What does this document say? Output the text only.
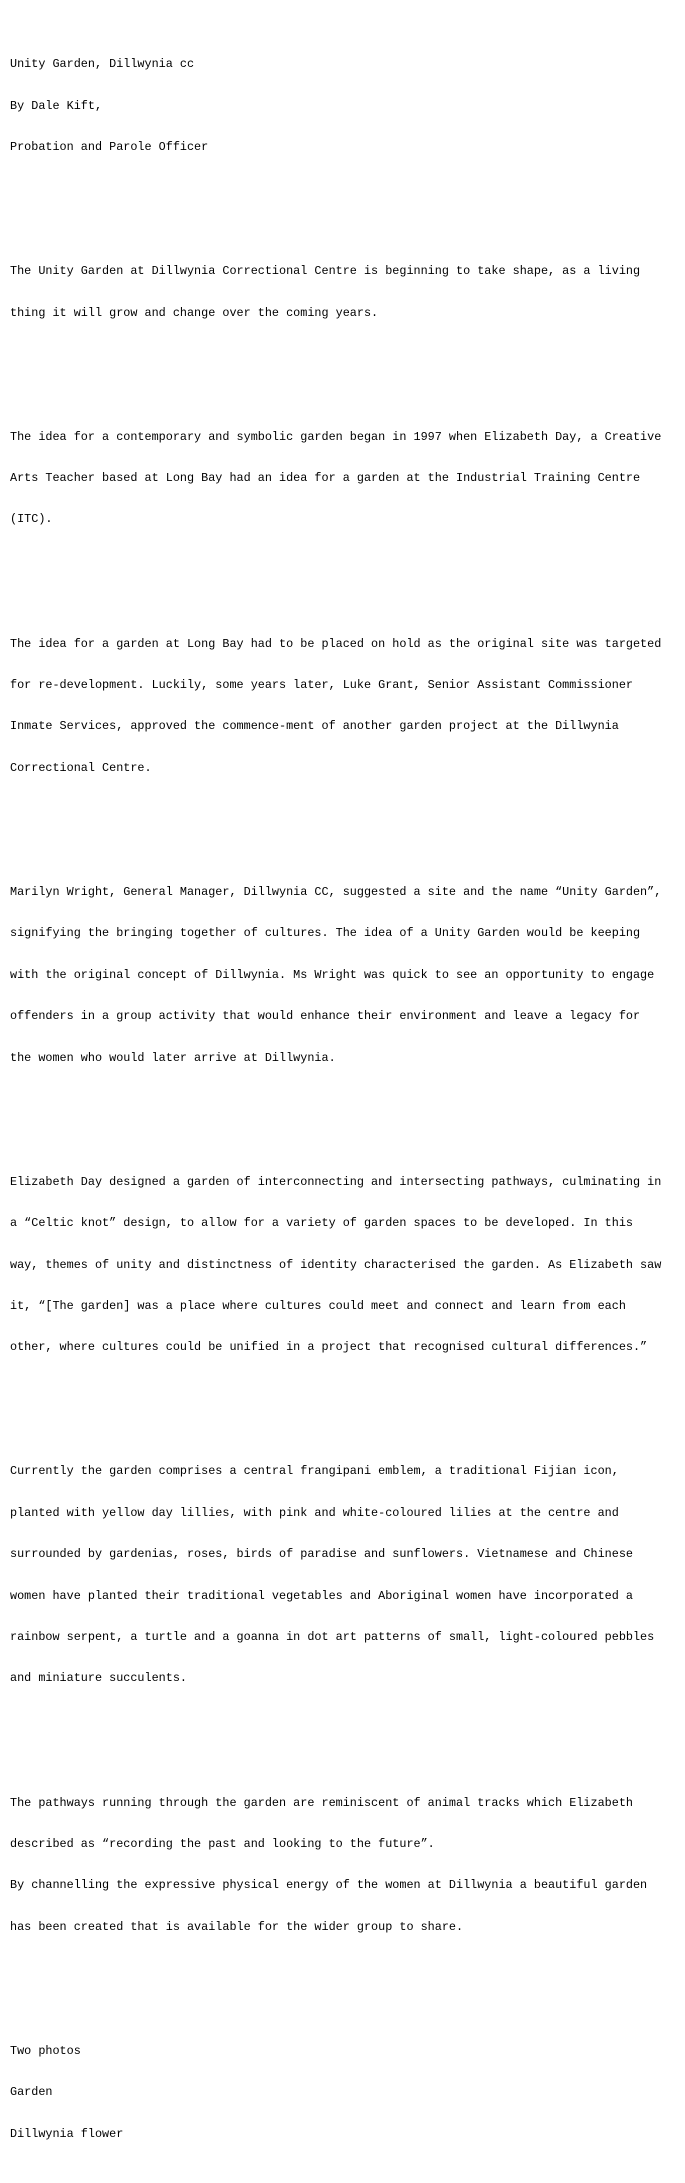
Unity Garden, Dillwynia cc

By Dale Kift,

Probation and Parole Officer

The Unity Garden at Dillwynia Correctional Centre is beginning to take shape, as a living

thing it will grow and change over the coming years.

The idea for a contemporary and symbolic garden began in 1997 when Elizabeth Day, a Creative

Arts Teacher based at Long Bay had an idea for a garden at the Industrial Training Centre

(ITC).

The idea for a garden at Long Bay had to be placed on hold as the original site was targeted

for re-development. Luckily, some years later, Luke Grant, Senior Assistant Commissioner

Inmate Services, approved the commence-ment of another garden project at the Dillwynia

Correctional Centre.

Marilyn Wright, General Manager, Dillwynia CC, suggested a site and the name “Unity Garden”,

signifying the bringing together of cultures. The idea of a Unity Garden would be keeping

with the original concept of Dillwynia. Ms Wright was quick to see an opportunity to engage

offenders in a group activity that would enhance their environment and leave a legacy for

the women who would later arrive at Dillwynia.

Elizabeth Day designed a garden of interconnecting and intersecting pathways, culminating in

a “Celtic knot” design, to allow for a variety of garden spaces to be developed. In this

way, themes of unity and distinctness of identity characterised the garden. As Elizabeth saw

it, “[The garden] was a place where cultures could meet and connect and learn from each

other, where cultures could be unified in a project that recognised cultural differences.”

Currently the garden comprises a central frangipani emblem, a traditional Fijian icon,

planted with yellow day lillies, with pink and white-coloured lilies at the centre and

surrounded by gardenias, roses, birds of paradise and sunflowers. Vietnamese and Chinese

women have planted their traditional vegetables and Aboriginal women have incorporated a

rainbow serpent, a turtle and a goanna in dot art patterns of small, light-coloured pebbles

and miniature succulents.

The pathways running through the garden are reminiscent of animal tracks which Elizabeth

described as “recording the past and looking to the future”.

By channelling the expressive physical energy of the women at Dillwynia a beautiful garden

has been created that is available for the wider group to share.

Two photos

Garden

Dillwynia flower
